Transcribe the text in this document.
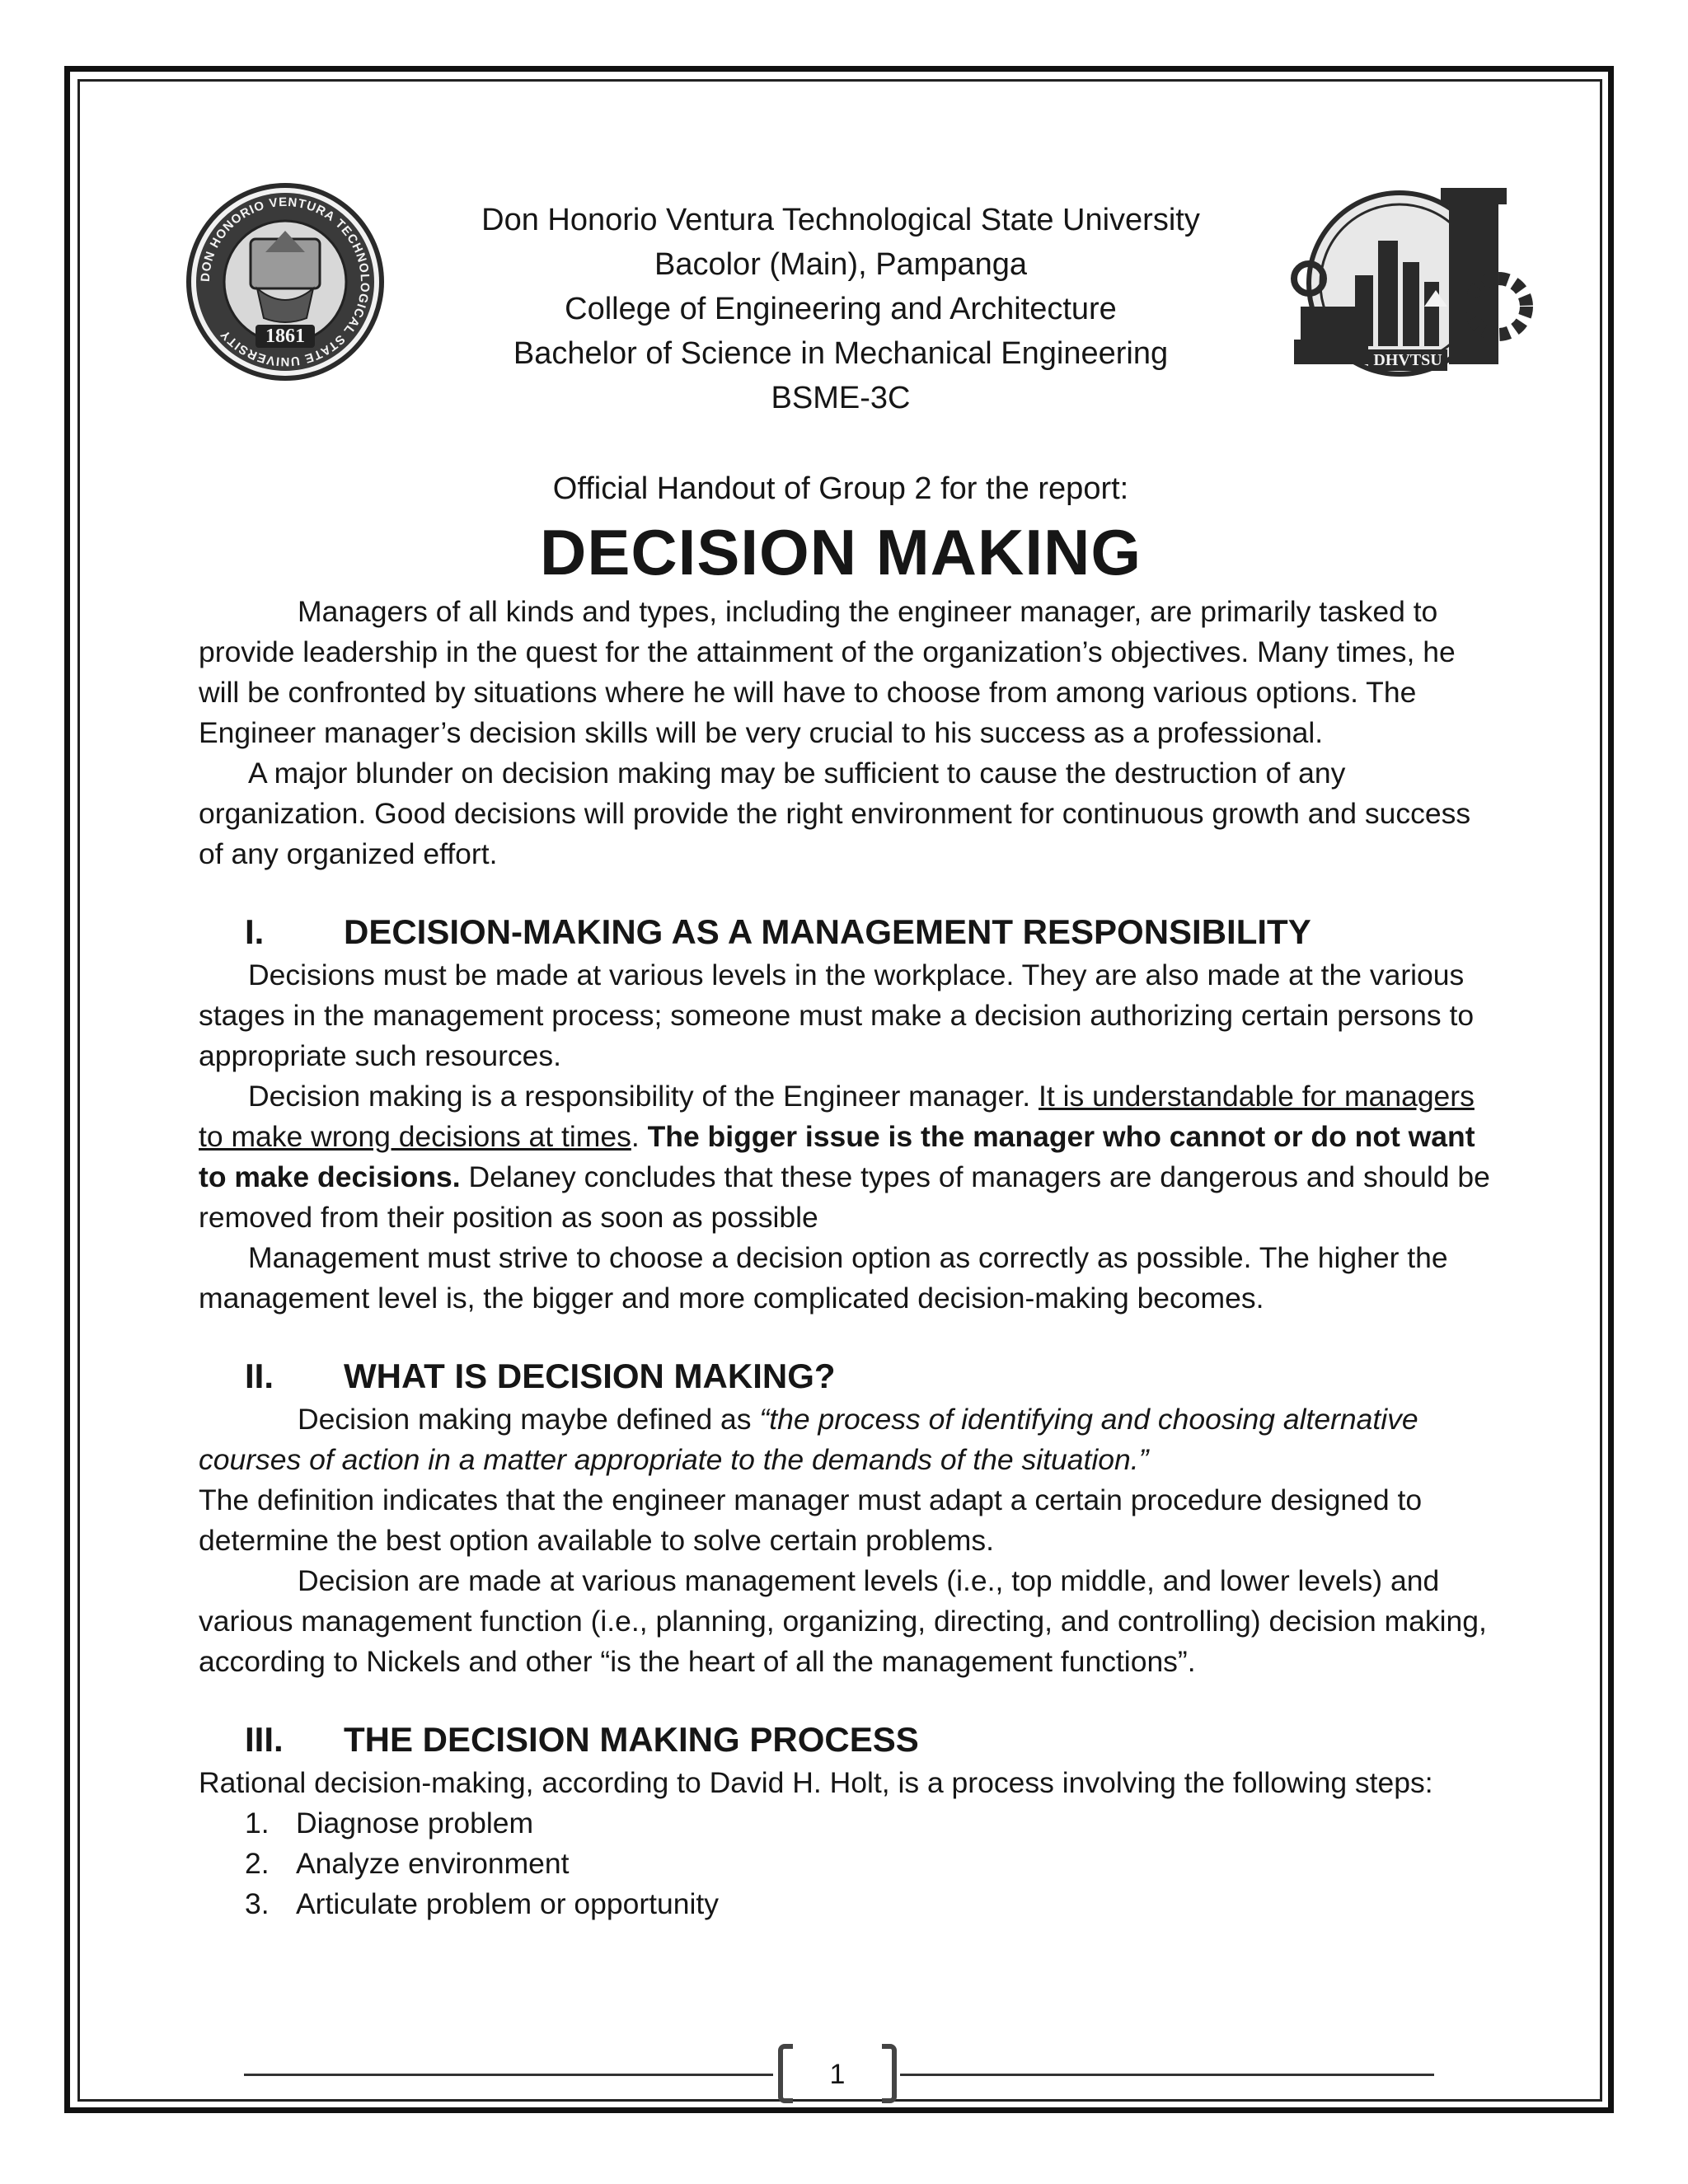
DON HONORIO VENTURA TECHNOLOGICAL STATE UNIVERSITY	1861
DHVTSU
Don Honorio Ventura Technological State University
Bacolor (Main), Pampanga
College of Engineering and Architecture
Bachelor of Science in Mechanical Engineering
BSME-3C
Official Handout of Group 2 for the report:
DECISION MAKING

Managers of all kinds and types, including the engineer manager, are primarily tasked to provide leadership in the quest for the attainment of the organization’s objectives. Many times, he will be confronted by situations where he will have to choose from among various options. The Engineer manager’s decision skills will be very crucial to his success as a professional.

A major blunder on decision making may be sufficient to cause the destruction of any organization. Good decisions will provide the right environment for continuous growth and success of any organized effort.

I. DECISION-MAKING AS A MANAGEMENT RESPONSIBILITY

Decisions must be made at various levels in the workplace. They are also made at the various stages in the management process; someone must make a decision authorizing certain persons to appropriate such resources.

Decision making is a responsibility of the Engineer manager. It is understandable for managers to make wrong decisions at times. The bigger issue is the manager who cannot or do not want to make decisions. Delaney concludes that these types of managers are dangerous and should be removed from their position as soon as possible

Management must strive to choose a decision option as correctly as possible. The higher the management level is, the bigger and more complicated decision-making becomes.

II. WHAT IS DECISION MAKING?

Decision making maybe defined as “the process of identifying and choosing alternative courses of action in a matter appropriate to the demands of the situation.”

The definition indicates that the engineer manager must adapt a certain procedure designed to determine the best option available to solve certain problems.

Decision are made at various management levels (i.e., top middle, and lower levels) and various management function (i.e., planning, organizing, directing, and controlling) decision making, according to Nickels and other “is the heart of all the management functions”.

III. THE DECISION MAKING PROCESS

Rational decision-making, according to David H. Holt, is a process involving the following steps:

1. Diagnose problem
2. Analyze environment
3. Articulate problem or opportunity
1
